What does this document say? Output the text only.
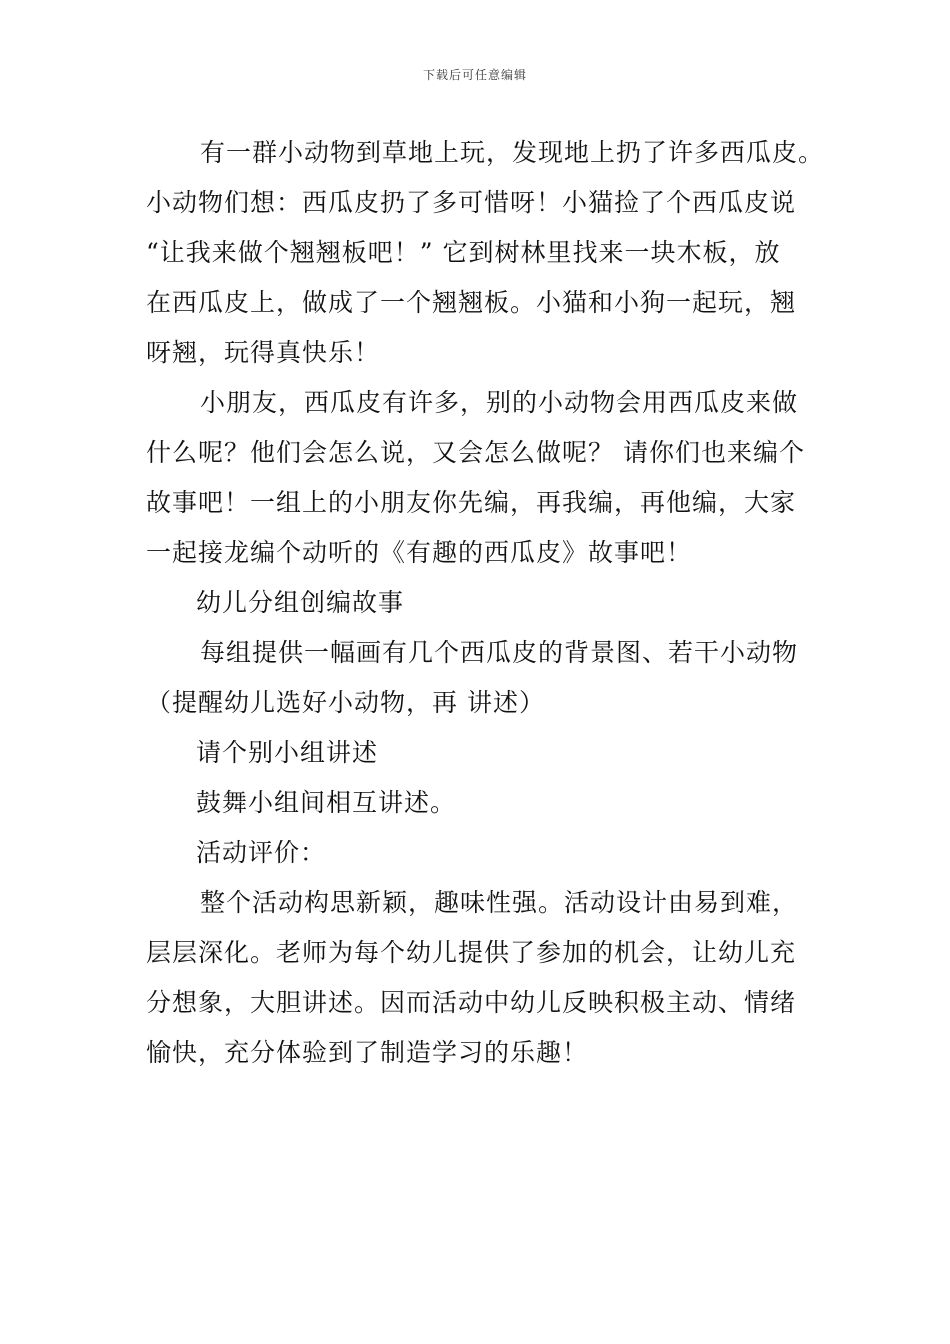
下载后可任意编辑
有一群小动物到草地上玩，发现地上扔了许多西瓜皮。
小动物们想：西瓜皮扔了多可惜呀！小猫捡了个西瓜皮说
“让我来做个翘翘板吧！” 它到树林里找来一块木板，放
在西瓜皮上，做成了一个翘翘板。小猫和小狗一起玩，翘
呀翘，玩得真快乐！
小朋友，西瓜皮有许多，别的小动物会用西瓜皮来做
什么呢？他们会怎么说，又会怎么做呢？ 请你们也来编个
故事吧！一组上的小朋友你先编，再我编，再他编，大家
一起接龙编个动听的《有趣的西瓜皮》故事吧！
幼儿分组创编故事
每组提供一幅画有几个西瓜皮的背景图、若干小动物
（提醒幼儿选好小动物，再 讲述）
请个别小组讲述
鼓舞小组间相互讲述。
活动评价：
整个活动构思新颖，趣味性强。活动设计由易到难，
层层深化。老师为每个幼儿提供了参加的机会，让幼儿充
分想象，大胆讲述。因而活动中幼儿反映积极主动、情绪
愉快，充分体验到了制造学习的乐趣！
